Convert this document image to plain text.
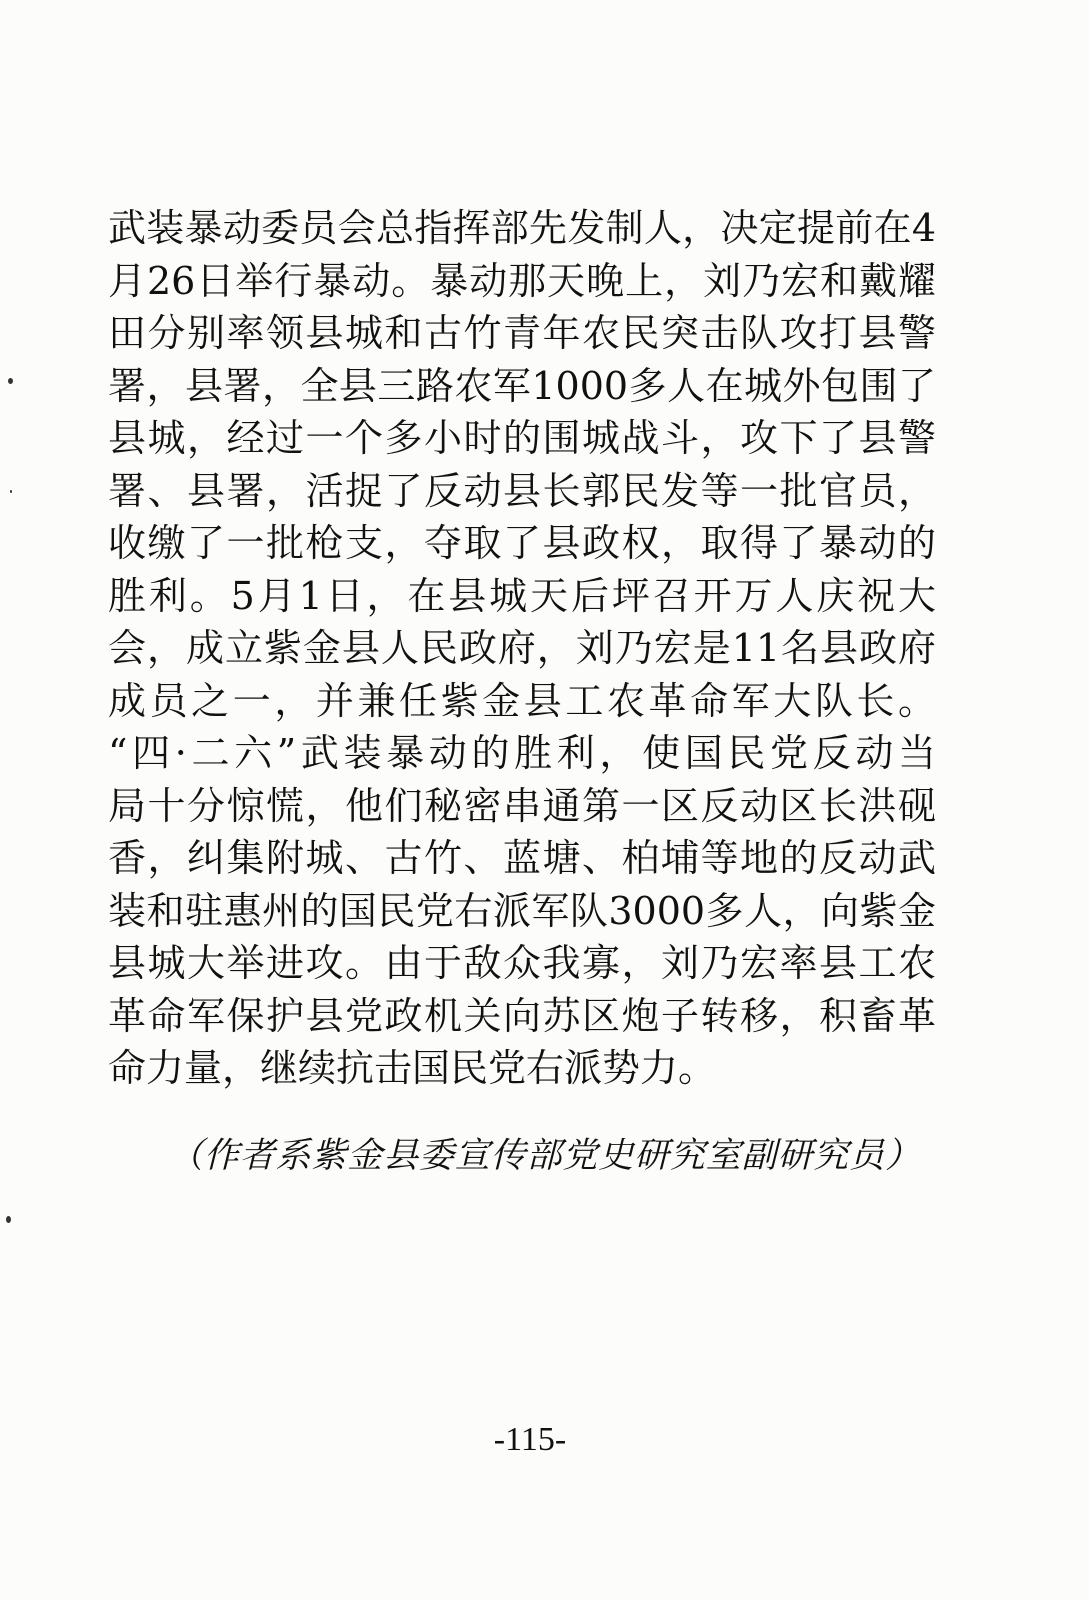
武装暴动委员会总指挥部先发制人，决定提前在4
月26日举行暴动。暴动那天晚上，刘乃宏和戴耀
田分别率领县城和古竹青年农民突击队攻打县警
署，县署，全县三路农军1000多人在城外包围了
县城，经过一个多小时的围城战斗，攻下了县警
署、县署，活捉了反动县长郭民发等一批官员，
收缴了一批枪支，夺取了县政权，取得了暴动的
胜利。5月1日，在县城天后坪召开万人庆祝大
会，成立紫金县人民政府，刘乃宏是11名县政府
成员之一，并兼任紫金县工农革命军大队长。
“四·二六”武装暴动的胜利，使国民党反动当
局十分惊慌，他们秘密串通第一区反动区长洪砚
香，纠集附城、古竹、蓝塘、柏埔等地的反动武
装和驻惠州的国民党右派军队3000多人，向紫金
县城大举进攻。由于敌众我寡，刘乃宏率县工农
革命军保护县党政机关向苏区炮子转移，积畜革
命力量，继续抗击国民党右派势力。
（作者系紫金县委宣传部党史研究室副研究员）
-115-
